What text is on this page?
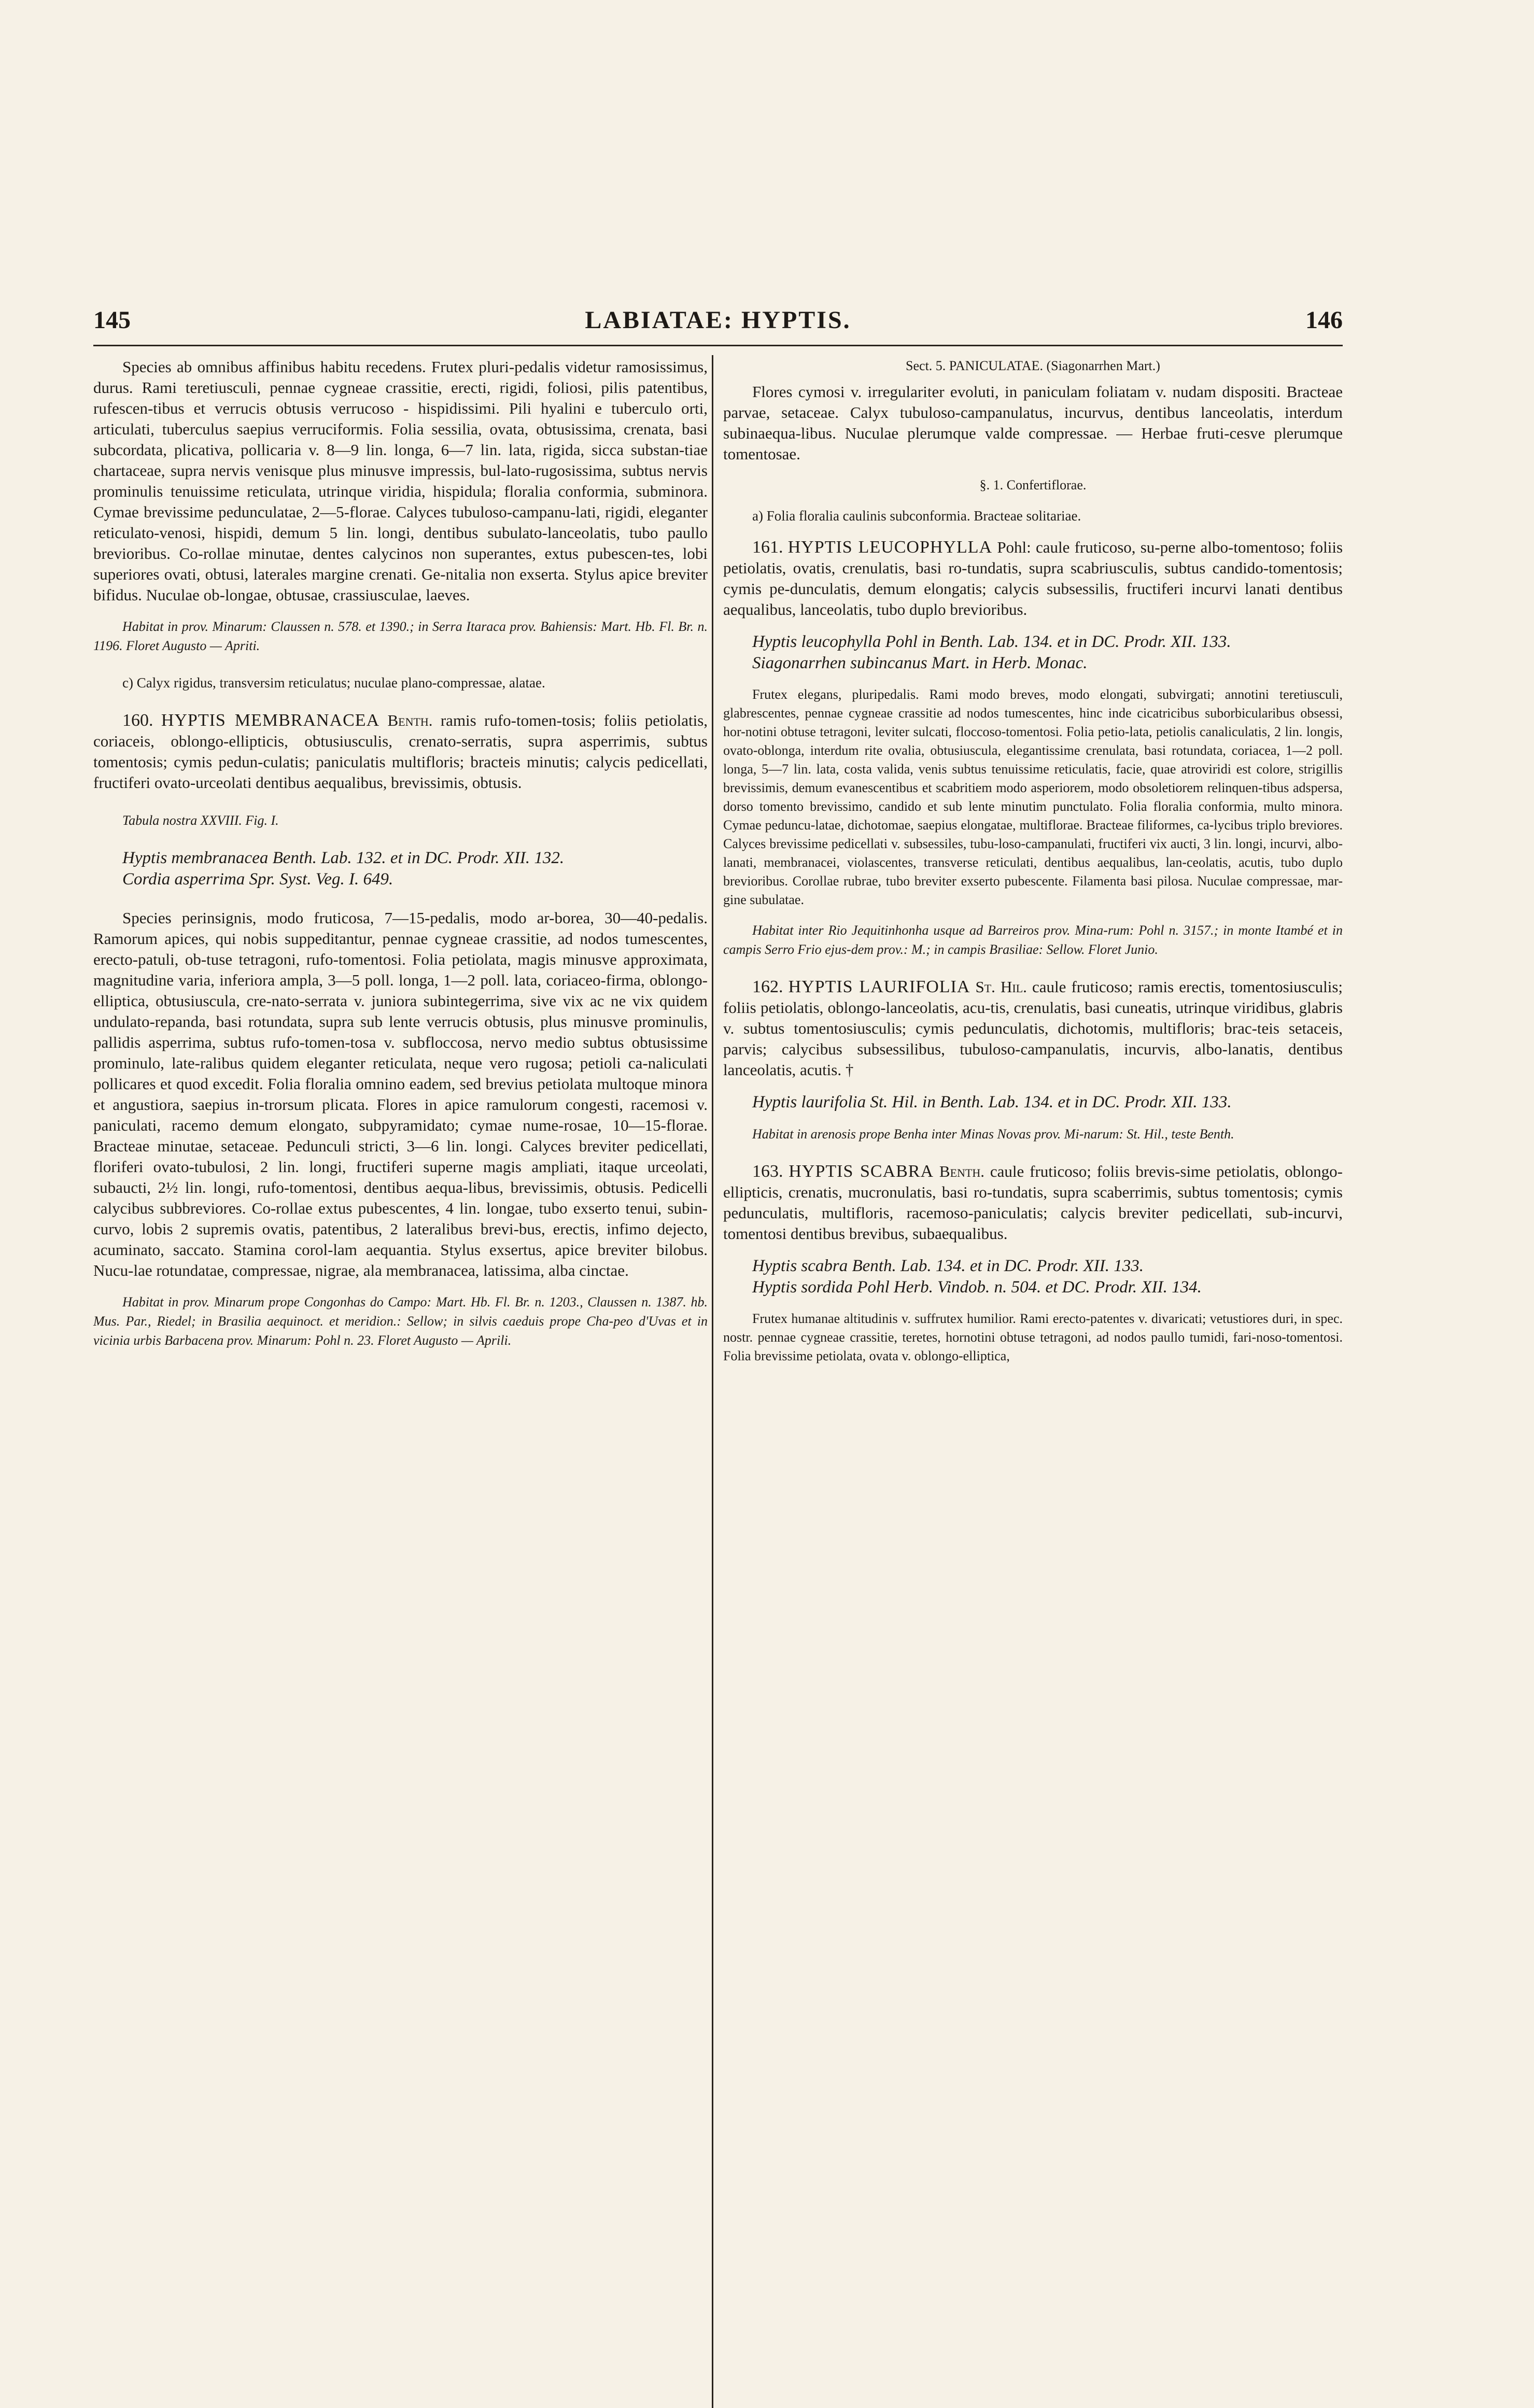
145	LABIATAE: HYPTIS.	146

Species ab omnibus affinibus habitu recedens. Frutex pluri-pedalis videtur ramosissimus, durus. Rami teretiusculi, pennae cygneae crassitie, erecti, rigidi, foliosi, pilis patentibus, rufescen-tibus et verrucis obtusis verrucoso - hispidissimi. Pili hyalini e tuberculo orti, articulati, tuberculus saepius verruciformis. Folia sessilia, ovata, obtusissima, crenata, basi subcordata, plicativa, pollicaria v. 8—9 lin. longa, 6—7 lin. lata, rigida, sicca substan-tiae chartaceae, supra nervis venisque plus minusve impressis, bul-lato-rugosissima, subtus nervis prominulis tenuissime reticulata, utrinque viridia, hispidula; floralia conformia, subminora. Cymae brevissime pedunculatae, 2—5-florae. Calyces tubuloso-campanu-lati, rigidi, eleganter reticulato-venosi, hispidi, demum 5 lin. longi, dentibus subulato-lanceolatis, tubo paullo brevioribus. Co-rollae minutae, dentes calycinos non superantes, extus pubescen-tes, lobi superiores ovati, obtusi, laterales margine crenati. Ge-nitalia non exserta. Stylus apice breviter bifidus. Nuculae ob-longae, obtusae, crassiusculae, laeves.

Habitat in prov. Minarum: Claussen n. 578. et 1390.; in Serra Itaraca prov. Bahiensis: Mart. Hb. Fl. Br. n. 1196. Floret Augusto — Apriti.

c) Calyx rigidus, transversim reticulatus; nuculae plano-compressae, alatae.

160. HYPTIS MEMBRANACEA Benth. ramis rufo-tomen-tosis; foliis petiolatis, coriaceis, oblongo-ellipticis, obtusiusculis, crenato-serratis, supra asperrimis, subtus tomentosis; cymis pedun-culatis; paniculatis multifloris; bracteis minutis; calycis pedicellati, fructiferi ovato-urceolati dentibus aequalibus, brevissimis, obtusis.

Tabula nostra XXVIII. Fig. I.

Hyptis membranacea Benth. Lab. 132. et in DC. Prodr. XII. 132.

Cordia asperrima Spr. Syst. Veg. I. 649.

Species perinsignis, modo fruticosa, 7—15-pedalis, modo ar-borea, 30—40-pedalis. Ramorum apices, qui nobis suppeditantur, pennae cygneae crassitie, ad nodos tumescentes, erecto-patuli, ob-tuse tetragoni, rufo-tomentosi. Folia petiolata, magis minusve approximata, magnitudine varia, inferiora ampla, 3—5 poll. longa, 1—2 poll. lata, coriaceo-firma, oblongo-elliptica, obtusiuscula, cre-nato-serrata v. juniora subintegerrima, sive vix ac ne vix quidem undulato-repanda, basi rotundata, supra sub lente verrucis obtusis, plus minusve prominulis, pallidis asperrima, subtus rufo-tomen-tosa v. subfloccosa, nervo medio subtus obtusissime prominulo, late-ralibus quidem eleganter reticulata, neque vero rugosa; petioli ca-naliculati pollicares et quod excedit. Folia floralia omnino eadem, sed brevius petiolata multoque minora et angustiora, saepius in-trorsum plicata. Flores in apice ramulorum congesti, racemosi v. paniculati, racemo demum elongato, subpyramidato; cymae nume-rosae, 10—15-florae. Bracteae minutae, setaceae. Pedunculi stricti, 3—6 lin. longi. Calyces breviter pedicellati, floriferi ovato-tubulosi, 2 lin. longi, fructiferi superne magis ampliati, itaque urceolati, subaucti, 2½ lin. longi, rufo-tomentosi, dentibus aequa-libus, brevissimis, obtusis. Pedicelli calycibus subbreviores. Co-rollae extus pubescentes, 4 lin. longae, tubo exserto tenui, subin-curvo, lobis 2 supremis ovatis, patentibus, 2 lateralibus brevi-bus, erectis, infimo dejecto, acuminato, saccato. Stamina corol-lam aequantia. Stylus exsertus, apice breviter bilobus. Nucu-lae rotundatae, compressae, nigrae, ala membranacea, latissima, alba cinctae.

Habitat in prov. Minarum prope Congonhas do Campo: Mart. Hb. Fl. Br. n. 1203., Claussen n. 1387. hb. Mus. Par., Riedel; in Brasilia aequinoct. et meridion.: Sellow; in silvis caeduis prope Cha-peo d'Uvas et in vicinia urbis Barbacena prov. Minarum: Pohl n. 23. Floret Augusto — Aprili.

Sect. 5. PANICULATAE. (Siagonarrhen Mart.)

Flores cymosi v. irregulariter evoluti, in paniculam foliatam v. nudam dispositi. Bracteae parvae, setaceae. Calyx tubuloso-campanulatus, incurvus, dentibus lanceolatis, interdum subinaequa-libus. Nuculae plerumque valde compressae. — Herbae fruti-cesve plerumque tomentosae.

§. 1. Confertiflorae.

a) Folia floralia caulinis subconformia. Bracteae solitariae.

161. HYPTIS LEUCOPHYLLA Pohl: caule fruticoso, su-perne albo-tomentoso; foliis petiolatis, ovatis, crenulatis, basi ro-tundatis, supra scabriusculis, subtus candido-tomentosis; cymis pe-dunculatis, demum elongatis; calycis subsessilis, fructiferi incurvi lanati dentibus aequalibus, lanceolatis, tubo duplo brevioribus.

Hyptis leucophylla Pohl in Benth. Lab. 134. et in DC. Prodr. XII. 133.

Siagonarrhen subincanus Mart. in Herb. Monac.

Frutex elegans, pluripedalis. Rami modo breves, modo elongati, subvirgati; annotini teretiusculi, glabrescentes, pennae cygneae crassitie ad nodos tumescentes, hinc inde cicatricibus suborbicularibus obsessi, hor-notini obtuse tetragoni, leviter sulcati, floccoso-tomentosi. Folia petio-lata, petiolis canaliculatis, 2 lin. longis, ovato-oblonga, interdum rite ovalia, obtusiuscula, elegantissime crenulata, basi rotundata, coriacea, 1—2 poll. longa, 5—7 lin. lata, costa valida, venis subtus tenuissime reticulatis, facie, quae atroviridi est colore, strigillis brevissimis, demum evanescentibus et scabritiem modo asperiorem, modo obsoletiorem relinquen-tibus adspersa, dorso tomento brevissimo, candido et sub lente minutim punctulato. Folia floralia conformia, multo minora. Cymae peduncu-latae, dichotomae, saepius elongatae, multiflorae. Bracteae filiformes, ca-lycibus triplo breviores. Calyces brevissime pedicellati v. subsessiles, tubu-loso-campanulati, fructiferi vix aucti, 3 lin. longi, incurvi, albo-lanati, membranacei, violascentes, transverse reticulati, dentibus aequalibus, lan-ceolatis, acutis, tubo duplo brevioribus. Corollae rubrae, tubo breviter exserto pubescente. Filamenta basi pilosa. Nuculae compressae, mar-gine subulatae.

Habitat inter Rio Jequitinhonha usque ad Barreiros prov. Mina-rum: Pohl n. 3157.; in monte Itambé et in campis Serro Frio ejus-dem prov.: M.; in campis Brasiliae: Sellow. Floret Junio.

162. HYPTIS LAURIFOLIA St. Hil. caule fruticoso; ramis erectis, tomentosiusculis; foliis petiolatis, oblongo-lanceolatis, acu-tis, crenulatis, basi cuneatis, utrinque viridibus, glabris v. subtus tomentosiusculis; cymis pedunculatis, dichotomis, multifloris; brac-teis setaceis, parvis; calycibus subsessilibus, tubuloso-campanulatis, incurvis, albo-lanatis, dentibus lanceolatis, acutis. †

Hyptis laurifolia St. Hil. in Benth. Lab. 134. et in DC. Prodr. XII. 133.

Habitat in arenosis prope Benha inter Minas Novas prov. Mi-narum: St. Hil., teste Benth.

163. HYPTIS SCABRA Benth. caule fruticoso; foliis brevis-sime petiolatis, oblongo-ellipticis, crenatis, mucronulatis, basi ro-tundatis, supra scaberrimis, subtus tomentosis; cymis pedunculatis, multifloris, racemoso-paniculatis; calycis breviter pedicellati, sub-incurvi, tomentosi dentibus brevibus, subaequalibus.

Hyptis scabra Benth. Lab. 134. et in DC. Prodr. XII. 133.

Hyptis sordida Pohl Herb. Vindob. n. 504. et DC. Prodr. XII. 134.

Frutex humanae altitudinis v. suffrutex humilior. Rami erecto-patentes v. divaricati; vetustiores duri, in spec. nostr. pennae cygneae crassitie, teretes, hornotini obtuse tetragoni, ad nodos paullo tumidi, fari-noso-tomentosi. Folia brevissime petiolata, ovata v. oblongo-elliptica,
